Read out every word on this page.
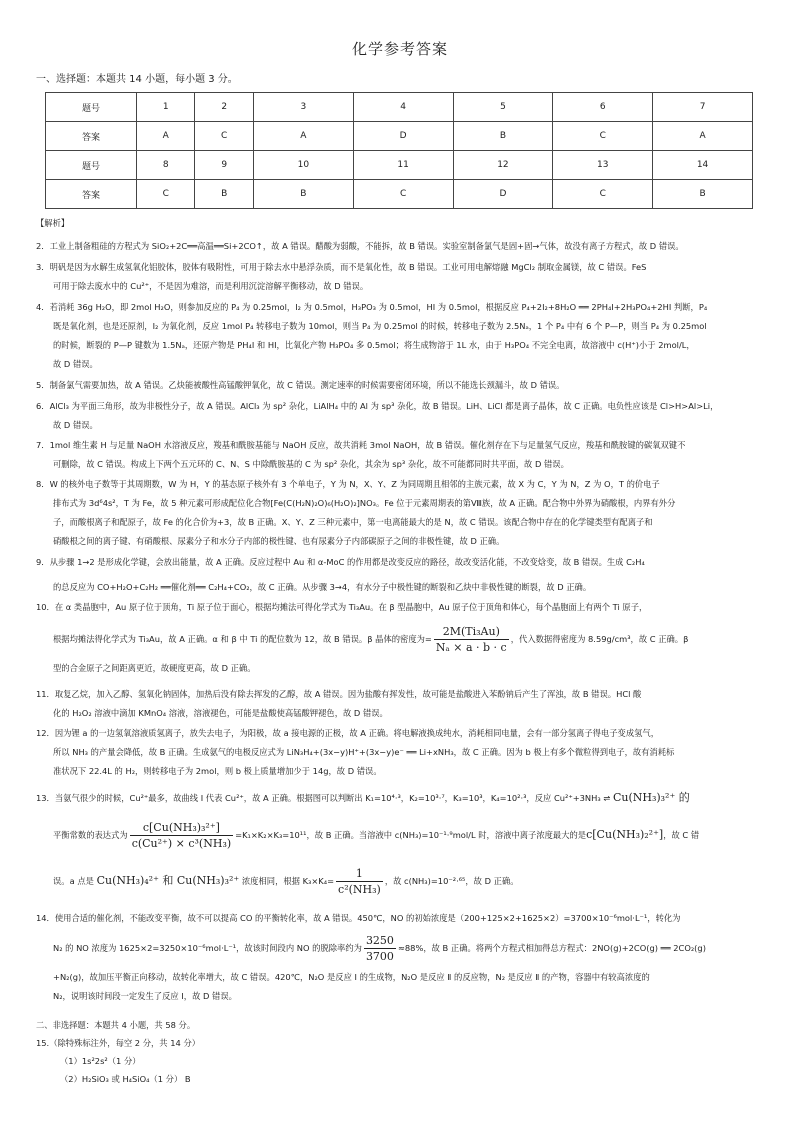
化学参考答案
一、选择题：本题共 14 小题，每小题 3 分。
题号	1	2	3	4	5	6	7
答案	A	C	A	D	B	C	A
题号	8	9	10	11	12	13	14
答案	C	B	B	C	D	C	B
【解析】
2．工业上制备粗硅的方程式为 SiO₂+2C══高温══Si+2CO↑，故 A 错误。醋酸为弱酸，不能拆，故 B 错误。实验室制备氯气是固+固→气体，故没有离子方程式，故 D 错误。
3．明矾是因为水解生成氢氧化铝胶体，胶体有吸附性，可用于除去水中悬浮杂质，而不是氧化性，故 B 错误。工业可用电解熔融 MgCl₂ 制取金属镁，故 C 错误。FeS
可用于除去废水中的 Cu²⁺，不是因为难溶，而是利用沉淀溶解平衡移动，故 D 错误。
4．若消耗 36g H₂O，即 2mol H₂O，则参加反应的 P₄ 为 0.25mol，I₂ 为 0.5mol，H₃PO₃ 为 0.5mol，HI 为 0.5mol，根据反应 P₄+2I₂+8H₂O ══ 2PH₄I+2H₃PO₄+2HI 判断，P₄
既是氧化剂，也是还原剂，I₂ 为氧化剂，反应 1mol P₄ 转移电子数为 10mol，则当 P₄ 为 0.25mol 的时候，转移电子数为 2.5Nₐ，1 个 P₄ 中有 6 个 P—P，则当 P₄ 为 0.25mol
的时候，断裂的 P—P 键数为 1.5Nₐ，还原产物是 PH₄I 和 HI，比氧化产物 H₃PO₄ 多 0.5mol；将生成物溶于 1L 水，由于 H₃PO₄ 不完全电离，故溶液中 c(H⁺)小于 2mol/L，
故 D 错误。
5．制备氯气需要加热，故 A 错误。乙炔能被酸性高锰酸钾氧化，故 C 错误。测定速率的时候需要密闭环境，所以不能选长颈漏斗，故 D 错误。
6．AlCl₃ 为平面三角形，故为非极性分子，故 A 错误。AlCl₃ 为 sp² 杂化，LiAlH₄ 中的 Al 为 sp³ 杂化，故 B 错误。LiH、LiCl 都是离子晶体，故 C 正确。电负性应该是 Cl>H>Al>Li，
故 D 错误。
7．1mol 维生素 H 与足量 NaOH 水溶液反应，羧基和酰胺基能与 NaOH 反应，故共消耗 3mol NaOH，故 B 错误。催化剂存在下与足量氢气反应，羧基和酰胺键的碳氧双键不
可删除，故 C 错误。构成上下两个五元环的 C、N、S 中除酰胺基的 C 为 sp² 杂化，其余为 sp³ 杂化，故不可能都同时共平面，故 D 错误。
8．W 的核外电子数等于其周期数，W 为 H，Y 的基态原子核外有 3 个单电子，Y 为 N，X、Y、Z 为同周期且相邻的主族元素，故 X 为 C，Y 为 N，Z 为 O，T 的价电子
排布式为 3d⁶4s²，T 为 Fe，故 5 种元素可形成配位化合物[Fe(C(H₂N)₂O)₆(H₂O)₂]NO₃。Fe 位于元素周期表的第Ⅷ族，故 A 正确。配合物中外界为硝酸根，内界有外分
子，而酸根离子和配原子，故 Fe 的化合价为+3，故 B 正确。X、Y、Z 三种元素中，第一电离能最大的是 N，故 C 错误。该配合物中存在的化学键类型有配离子和
硝酸根之间的离子键、有硝酸根、尿素分子和水分子内部的极性键、也有尿素分子内部碳原子之间的非极性键，故 D 正确。
9．从步骤 1→2 是形成化学键，会放出能量，故 A 正确。反应过程中 Au 和 α-MoC 的作用都是改变反应的路径，故改变活化能，不改变焓变，故 B 错误。生成 C₂H₄
的总反应为 CO+H₂O+C₂H₂ ══催化剂══ C₂H₄+CO₂，故 C 正确。从步骤 3→4，有水分子中极性键的断裂和乙炔中非极性键的断裂，故 D 正确。
10．在 α 类晶胞中，Au 原子位于顶角，Ti 原子位于面心，根据均摊法可得化学式为 Ti₃Au。在 β 型晶胞中，Au 原子位于顶角和体心，每个晶胞面上有两个 Ti 原子，
根据均摊法得化学式为 Ti₃Au，故 A 正确。α 和 β 中 Ti 的配位数为 12，故 B 错误。β 晶体的密度为= $\frac{\text{2M(Ti₃Au)}}{\text{Nₐ × a · b · c}}$ ，代入数据得密度为 8.59g/cm³，故 C 正确。β
型的合金原子之间距离更近，故硬度更高，故 D 正确。
11．取复乙烷，加入乙醇、氢氧化钠固体，加热后没有除去挥发的乙醇，故 A 错误。因为盐酸有挥发性，故可能是盐酸进入苯酚钠后产生了浑浊，故 B 错误。HCl 酸
化的 H₂O₂ 溶液中滴加 KMnO₄ 溶液，溶液褪色，可能是盐酸使高锰酸钾褪色，故 D 错误。
12．因为锂 a 的一边氢氧溶液质氢离子，放失去电子，为阳极，故 a 接电源的正极，故 A 正确。将电解液换成纯水，消耗相同电量，会有一部分氢离子得电子变成氢气，
所以 NH₃ 的产量会降低，故 B 正确。生成氨气的电极反应式为 LiN₃H₄+(3x−y)H⁺+(3x−y)e⁻ ══ Li+xNH₃，故 C 正确。因为 b 极上有多个微粒得到电子，故有消耗标
准状况下 22.4L 的 H₂，则转移电子为 2mol，则 b 极上质量增加少于 14g，故 D 错误。
13．当氨气很少的时候，Cu²⁺最多，故曲线 Ⅰ 代表 Cu²⁺，故 A 正确。根据图可以判断出 K₁=10⁴·³，K₂=10³·⁷，K₃=10³，K₄=10²·³，反应 Cu²⁺+3NH₃ ⇌ Cu(NH₃)₃²⁺ 的
平衡常数的表达式为 $\frac{\text{c[Cu(NH₃)₃²⁺]}}{\text{c(Cu²⁺) × c³(NH₃)}} =K_1\times K_2\times K_3=10^{11}$，故 B 正确。当溶液中 c(NH₃)=10⁻¹·⁹mol/L 时，溶液中离子浓度最大的是c[Cu(NH₃)₂²⁺]，故 C 错
误。a 点是 Cu(NH₃)₄²⁺ 和 Cu(NH₃)₃²⁺ 浓度相同，根据 $K_3\times K_4= \frac{1}{\text{c²(NH₃)}}$ ，故 c(NH₃)=10⁻²·⁶⁵，故 D 正确。
14．使用合适的催化剂，不能改变平衡，故不可以提高 CO 的平衡转化率，故 A 错误。450℃，NO 的初始浓度是（200+125×2+1625×2）=3700×10⁻⁶mol·L⁻¹，转化为
N₂ 的 NO 浓度为 1625×2=3250×10⁻⁶mol·L⁻¹，故该时间段内 NO 的脱除率约为 $\frac{3250}{3700} \approx 88\%$，故 B 正确。将两个方程式相加得总方程式：2NO(g)+2CO(g) ══ 2CO₂(g)
+N₂(g)，故加压平衡正向移动，故转化率增大，故 C 错误。420℃，N₂O 是反应 Ⅰ 的生成物，N₂O 是反应 Ⅱ 的反应物，N₂ 是反应 Ⅱ 的产物，容器中有较高浓度的
N₂，说明该时间段一定发生了反应 Ⅰ，故 D 错误。
二、非选择题：本题共 4 小题，共 58 分。
15.（除特殊标注外，每空 2 分，共 14 分）
（1）1s²2s²（1 分）
（2）H₂SiO₃ 或 H₄SiO₄（1 分） B
